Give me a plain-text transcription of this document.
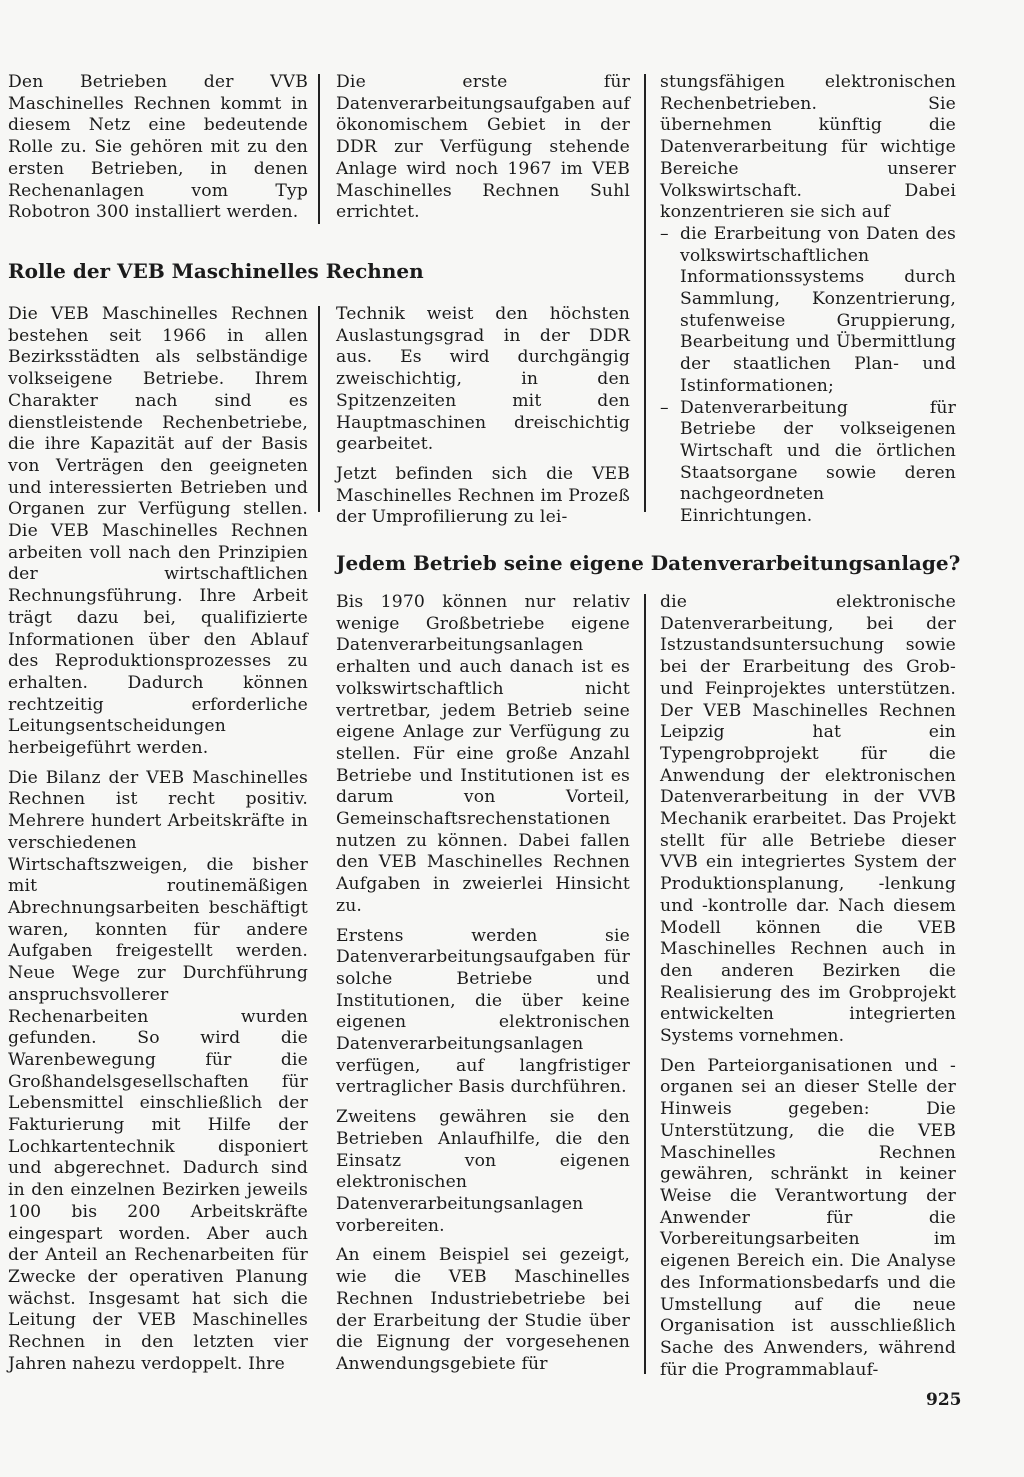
Den Betrieben der VVB Maschinelles Rechnen kommt in diesem Netz eine bedeutende Rolle zu. Sie gehören mit zu den ersten Betrieben, in denen Rechenanlagen vom Typ Robotron 300 installiert werden.

Die erste für Datenverarbeitungsaufgaben auf ökonomischem Gebiet in der DDR zur Verfügung stehende Anlage wird noch 1967 im VEB Maschinelles Rechnen Suhl errichtet.

Rolle der VEB Maschinelles Rechnen

Die VEB Maschinelles Rechnen bestehen seit 1966 in allen Bezirksstädten als selbständige volkseigene Betriebe. Ihrem Charakter nach sind es dienstleistende Rechenbetriebe, die ihre Kapazität auf der Basis von Verträgen den geeigneten und interessierten Betrieben und Organen zur Verfügung stellen. Die VEB Maschinelles Rechnen arbeiten voll nach den Prinzipien der wirtschaftlichen Rechnungsführung. Ihre Arbeit trägt dazu bei, qualifizierte Informationen über den Ablauf des Reproduktionsprozesses zu erhalten. Dadurch können rechtzeitig erforderliche Leitungsentscheidungen herbeigeführt werden.

Die Bilanz der VEB Maschinelles Rechnen ist recht positiv. Mehrere hundert Arbeitskräfte in verschiedenen Wirtschaftszweigen, die bisher mit routinemäßigen Abrechnungsarbeiten beschäftigt waren, konnten für andere Aufgaben freigestellt werden. Neue Wege zur Durchführung anspruchsvollerer Rechenarbeiten wurden gefunden. So wird die Warenbewegung für die Großhandelsgesellschaften für Lebensmittel einschließlich der Fakturierung mit Hilfe der Lochkartentechnik disponiert und abgerechnet. Dadurch sind in den einzelnen Bezirken jeweils 100 bis 200 Arbeitskräfte eingespart worden. Aber auch der Anteil an Rechenarbeiten für Zwecke der operativen Planung wächst. Insgesamt hat sich die Leitung der VEB Maschinelles Rechnen in den letzten vier Jahren nahezu verdoppelt. Ihre

Technik weist den höchsten Auslastungsgrad in der DDR aus. Es wird durchgängig zweischichtig, in den Spitzenzeiten mit den Hauptmaschinen dreischichtig gearbeitet.

Jetzt befinden sich die VEB Maschinelles Rechnen im Prozeß der Umprofilierung zu lei-

stungsfähigen elektronischen Rechenbetrieben. Sie übernehmen künftig die Datenverarbeitung für wichtige Bereiche unserer Volkswirtschaft. Dabei konzentrieren sie sich auf

– die Erarbeitung von Daten des volkswirtschaftlichen Informationssystems durch Sammlung, Konzentrierung, stufenweise Gruppierung, Bearbeitung und Übermittlung der staatlichen Plan- und Istinformationen;
– Datenverarbeitung für Betriebe der volkseigenen Wirtschaft und die örtlichen Staatsorgane sowie deren nachgeordneten Einrichtungen.
Jedem Betrieb seine eigene Datenverarbeitungsanlage?

Bis 1970 können nur relativ wenige Großbetriebe eigene Datenverarbeitungsanlagen erhalten und auch danach ist es volkswirtschaftlich nicht vertretbar, jedem Betrieb seine eigene Anlage zur Verfügung zu stellen. Für eine große Anzahl Betriebe und Institutionen ist es darum von Vorteil, Gemeinschaftsrechenstationen nutzen zu können. Dabei fallen den VEB Maschinelles Rechnen Aufgaben in zweierlei Hinsicht zu.

Erstens werden sie Datenverarbeitungsaufgaben für solche Betriebe und Institutionen, die über keine eigenen elektronischen Datenverarbeitungsanlagen verfügen, auf langfristiger vertraglicher Basis durchführen.

Zweitens gewähren sie den Betrieben Anlaufhilfe, die den Einsatz von eigenen elektronischen Datenverarbeitungsanlagen vorbereiten.

An einem Beispiel sei gezeigt, wie die VEB Maschinelles Rechnen Industriebetriebe bei der Erarbeitung der Studie über die Eignung der vorgesehenen Anwendungsgebiete für

die elektronische Datenverarbeitung, bei der Istzustandsuntersuchung sowie bei der Erarbeitung des Grob- und Feinprojektes unterstützen. Der VEB Maschinelles Rechnen Leipzig hat ein Typengrobprojekt für die Anwendung der elektronischen Datenverarbeitung in der VVB Mechanik erarbeitet. Das Projekt stellt für alle Betriebe dieser VVB ein integriertes System der Produktionsplanung, -lenkung und -kontrolle dar. Nach diesem Modell können die VEB Maschinelles Rechnen auch in den anderen Bezirken die Realisierung des im Grobprojekt entwickelten integrierten Systems vornehmen.

Den Parteiorganisationen und -organen sei an dieser Stelle der Hinweis gegeben: Die Unterstützung, die die VEB Maschinelles Rechnen gewähren, schränkt in keiner Weise die Verantwortung der Anwender für die Vorbereitungsarbeiten im eigenen Bereich ein. Die Analyse des Informationsbedarfs und die Umstellung auf die neue Organisation ist ausschließlich Sache des Anwenders, während für die Programmablauf-

925
